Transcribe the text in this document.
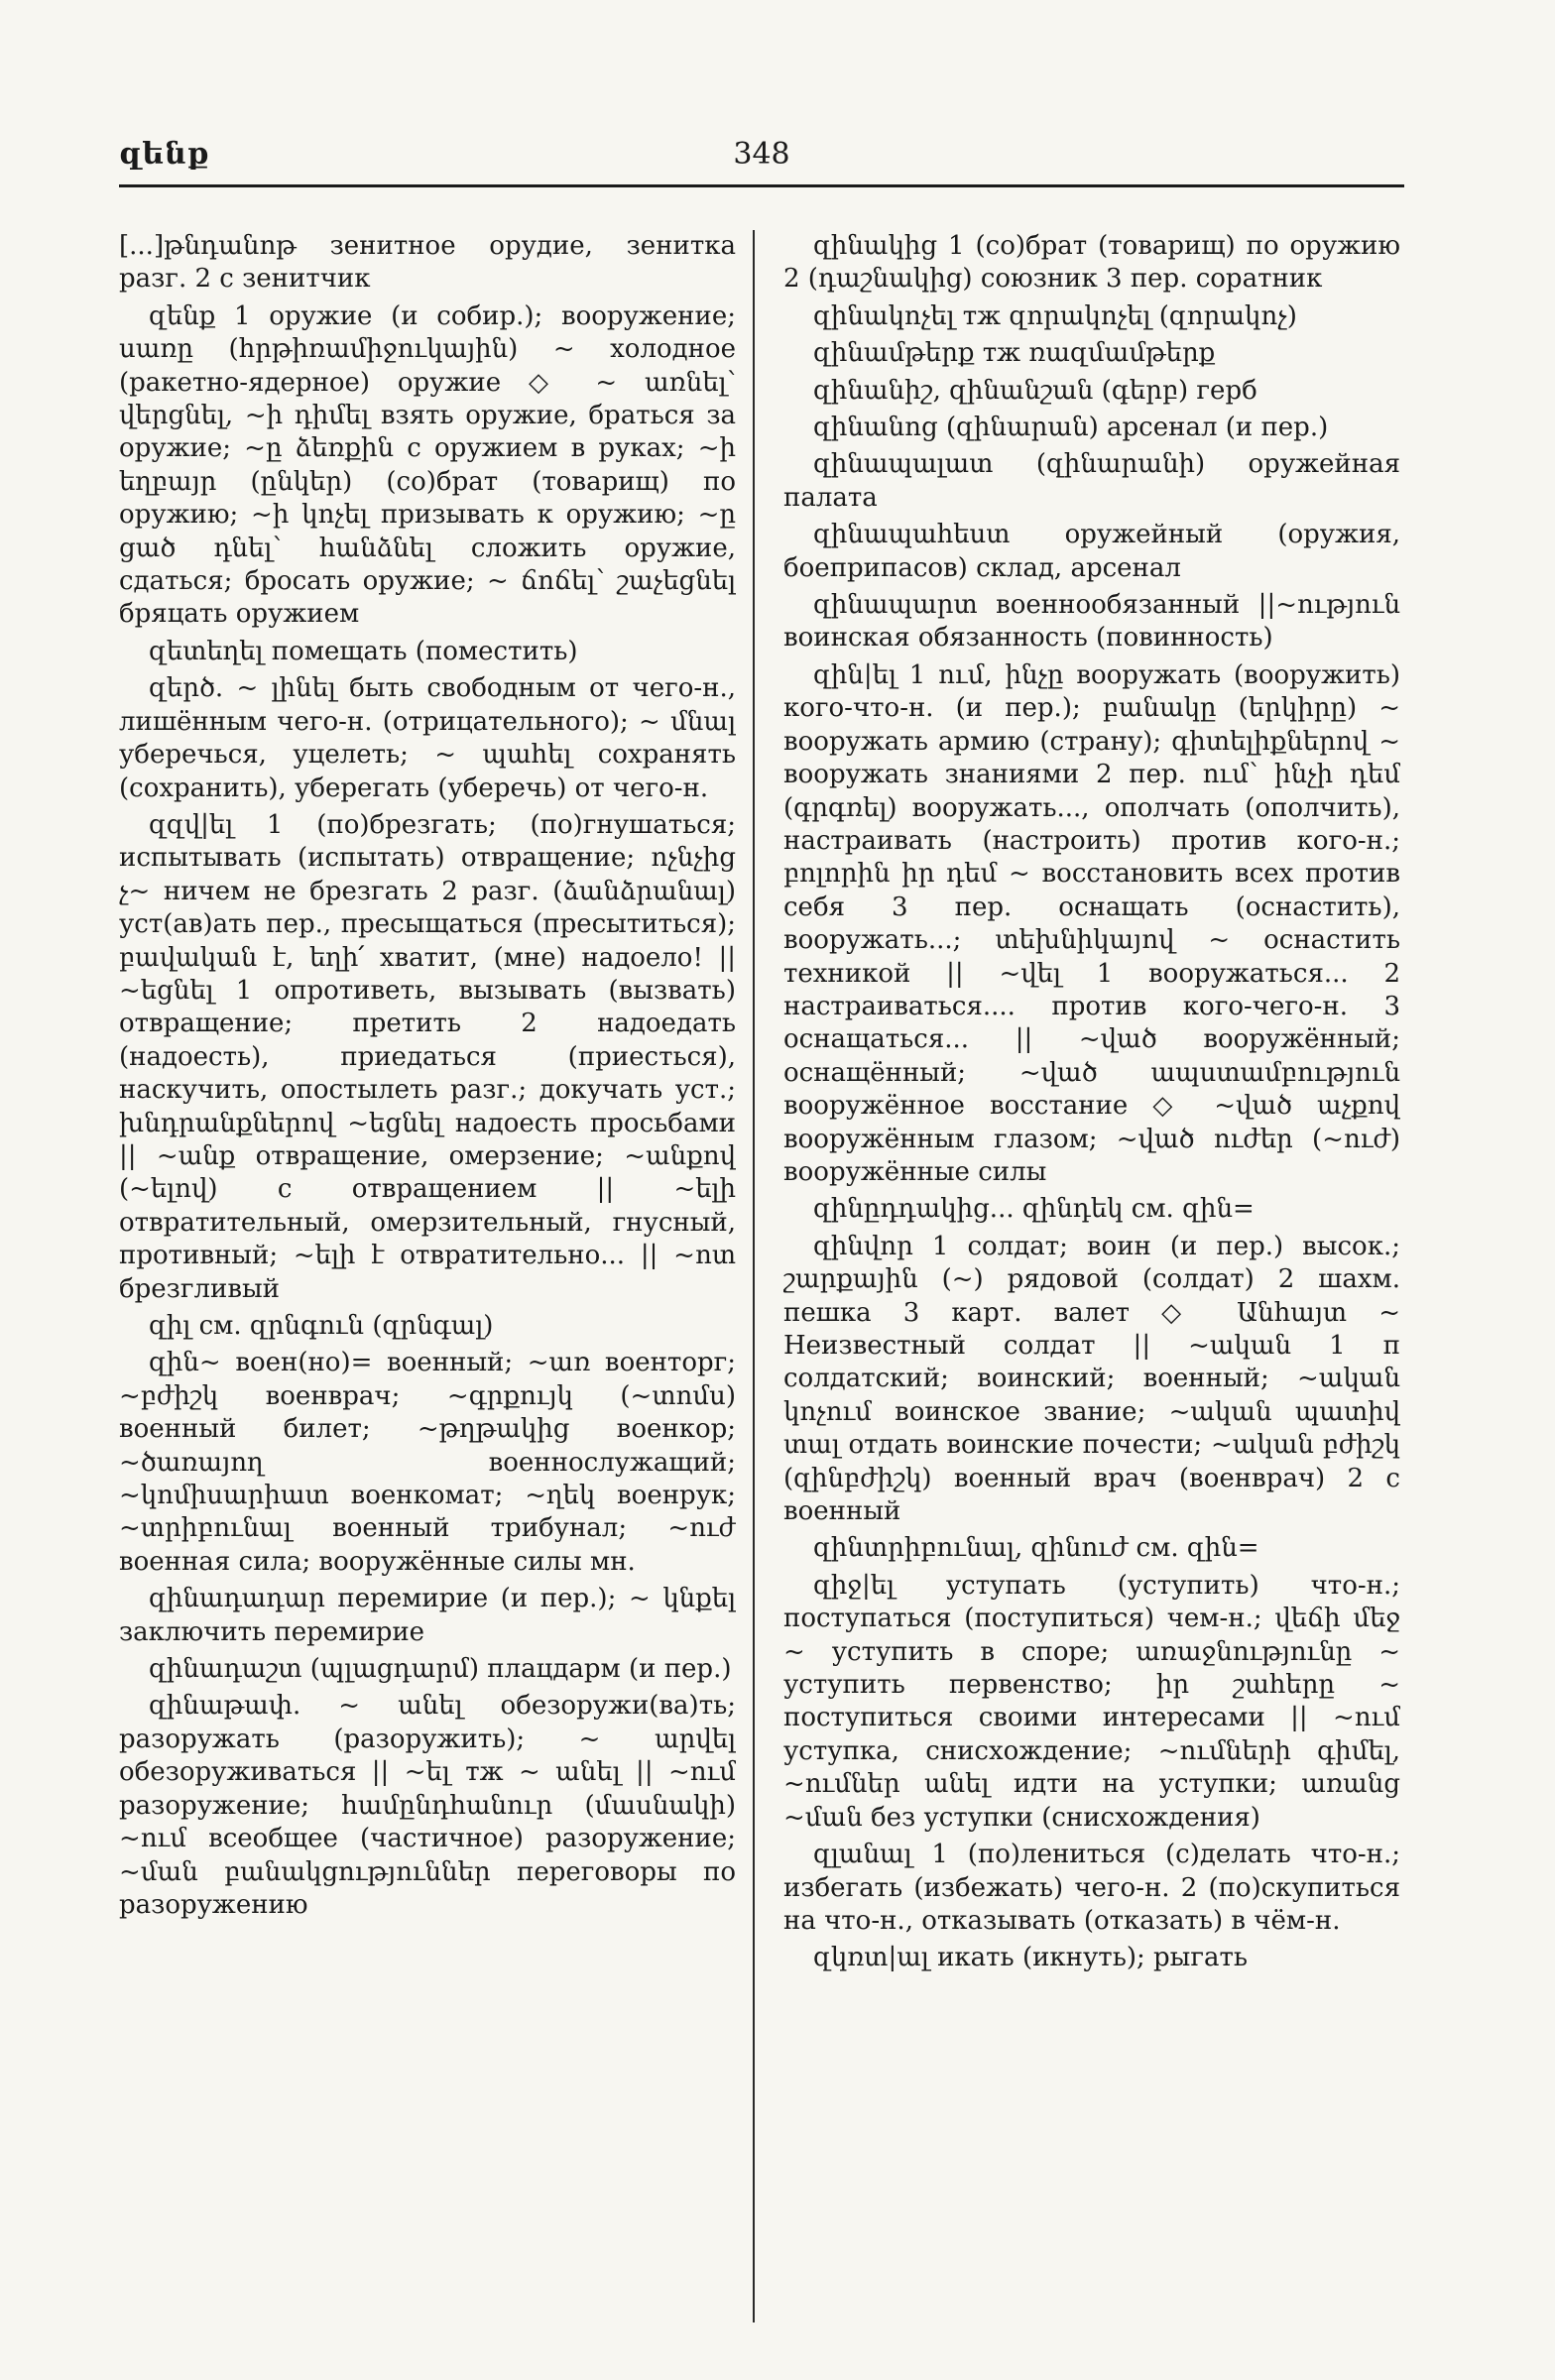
զենք	348

[...]թնդանոթ зенитное орудие, зенитка разг. 2 с зенитчик

զենք 1 оружие (и собир.); вооружение; սառը (հրթիռամիջուկային) ~ холодное (ракетно-ядерное) оружие ◇ ~ առնել՝ վերցնել, ~ի դիմել взять оружие, браться за оружие; ~ը ձեռքին с оружием в руках; ~ի եղբայր (ընկեր) (со)брат (товарищ) по оружию; ~ի կոչել призывать к оружию; ~ը ցած դնել՝ հանձնել сложить оружие, сдаться; бросать оружие; ~ ճոճել՝ շաչեցնել бряцать оружием

զետեղել помещать (поместить)

զերծ. ~ լինել быть свободным от чего-н., лишённым чего-н. (отрицательного); ~ մնալ уберечься, уцелеть; ~ պահել сохранять (сохранить), уберегать (уберечь) от чего-н.

զզվ|ել 1 (по)брезгать; (по)гнушаться; испытывать (испытать) отвращение; ոչնչից չ~ ничем не брезгать 2 разг. (ձանձրանալ) уст(ав)ать пер., пресыщаться (пресытиться); բավական է, եղի՛ хватит, (мне) надоело! || ~եցնել 1 опротиветь, вызывать (вызвать) отвращение; претить 2 надоедать (надоесть), приедаться (приесться), наскучить, опостылеть разг.; докучать уст.; խնդրանքներով ~եցնել надоесть просьбами || ~անք отвращение, омерзение; ~անքով (~ելով) с отвращением || ~ելի отвратительный, омерзительный, гнусный, противный; ~ելի է отвратительно... || ~ոտ брезгливый

զիլ см. զրնգուն (զրնգալ)

զին~ воен(но)= военный; ~առ военторг; ~բժիշկ военврач; ~գրքույկ (~տոմս) военный билет; ~թղթակից военкор; ~ծառայող военнослужащий; ~կոմիսարիատ военкомат; ~ղեկ военрук; ~տրիբունալ военный трибунал; ~ուժ военная сила; вооружённые силы мн.

զինադադար перемирие (и пер.); ~ կնքել заключить перемирие

զինադաշտ (պլացդարմ) плацдарм (и пер.)

զինաթափ. ~ անել обезоружи(ва)ть; разоружать (разоружить); ~ արվել обезоруживаться || ~ել тж ~ անել || ~ում разоружение; համընդհանուր (մասնակի) ~ում всеобщее (частичное) разоружение; ~ման բանակցություններ переговоры по разоружению

զինակից 1 (со)брат (товарищ) по оружию 2 (դաշնակից) союзник 3 пер. соратник

զինակոչել тж զորակոչել (զորակոչ)

զինամթերք тж ռազմամթերք

զինանիշ, զինանշան (գերբ) герб

զինանոց (զինարան) арсенал (и пер.)

զինապալատ (զինարանի) оружейная палата

զինապահեստ оружейный (оружия, боеприпасов) склад, арсенал

զինապարտ военнообязанный ||~ություն воинская обязанность (повинность)

զին|ել 1 ում, ինչը вооружать (вооружить) кого-что-н. (и пер.); բանակը (երկիրը) ~ вооружать армию (страну); գիտելիքներով ~ вооружать знаниями 2 пер. ում՝ ինչի դեմ (գրգռել) вооружать..., ополчать (ополчить), настраивать (настроить) против кого-н.; բոլորին իր դեմ ~ восстановить всех против себя 3 пер. оснащать (оснастить), вооружать...; տեխնիկայով ~ оснастить техникой || ~վել 1 вооружаться... 2 настраиваться.... против кого-чего-н. 3 оснащаться... || ~ված вооружённый; оснащённый; ~ված ապստամբություն вооружённое восстание ◇ ~ված աչքով вооружённым глазом; ~ված ուժեր (~ուժ) вооружённые силы

զինըդդակից... զինդեկ см. զին=

զինվոր 1 солдат; воин (и пер.) высок.; շարքային (~) рядовой (солдат) 2 шахм. пешка 3 карт. валет ◇ Անհայտ ~ Неизвестный солдат || ~ական 1 п солдатский; воинский; военный; ~ական կոչում воинское звание; ~ական պատիվ տալ отдать воинские почести; ~ական բժիշկ (զինբժիշկ) военный врач (военврач) 2 с военный

զինտրիբունալ, զինուժ см. զին=

զիջ|ել уступать (уступить) что-н.; поступаться (поступиться) чем-н.; վեճի մեջ ~ уступить в споре; առաջնությունը ~ уступить первенство; իր շահերը ~ поступиться своими интересами || ~ում уступка, снисхождение; ~ումների գիմել, ~ումներ անել идти на уступки; առանց ~ման без уступки (снисхождения)

զլանալ 1 (по)лениться (с)делать что-н.; избегать (избежать) чего-н. 2 (по)скупиться на что-н., отказывать (отказать) в чём-н.

զկռտ|ալ икать (икнуть); рыгать
